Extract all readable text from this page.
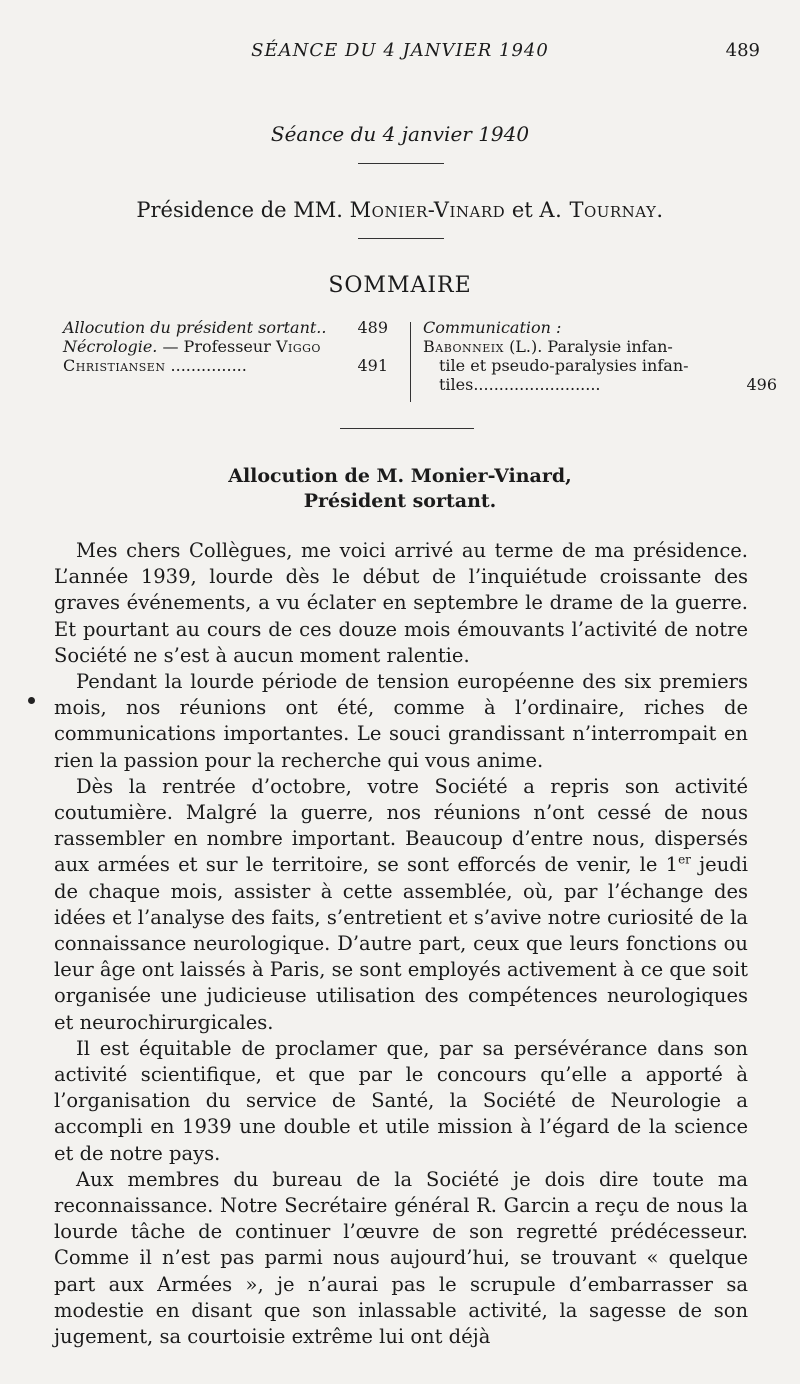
SÉANCE DU 4 JANVIER 1940	489
Séance du 4 janvier 1940
Présidence de MM. Monier-Vinard et A. Tournay.
SOMMAIRE
Allocution du président sortant.. 489
Nécrologie. — Professeur Viggo
Christiansen ...............	491
Communication :
Babonneix (L.). Paralysie infan-
tile et pseudo-paralysies infan-
tiles.........................	496
Allocution de M. Monier-Vinard,
Président sortant.

Mes chers Collègues, me voici arrivé au terme de ma présidence. L’année 1939, lourde dès le début de l’inquiétude croissante des graves événements, a vu éclater en septembre le drame de la guerre. Et pourtant au cours de ces douze mois émouvants l’activité de notre Société ne s’est à aucun moment ralentie.

Pendant la lourde période de tension européenne des six premiers mois, nos réunions ont été, comme à l’ordinaire, riches de communications importantes. Le souci grandissant n’interrompait en rien la passion pour la recherche qui vous anime.

Dès la rentrée d’octobre, votre Société a repris son activité coutumière. Malgré la guerre, nos réunions n’ont cessé de nous rassembler en nombre important. Beaucoup d’entre nous, dispersés aux armées et sur le territoire, se sont efforcés de venir, le 1er jeudi de chaque mois, assister à cette assemblée, où, par l’échange des idées et l’analyse des faits, s’entretient et s’avive notre curiosité de la connaissance neurologique. D’autre part, ceux que leurs fonctions ou leur âge ont laissés à Paris, se sont employés activement à ce que soit organisée une judicieuse utilisation des compétences neurologiques et neurochirurgicales.

Il est équitable de proclamer que, par sa persévérance dans son activité scientifique, et que par le concours qu’elle a apporté à l’organisation du service de Santé, la Société de Neurologie a accompli en 1939 une double et utile mission à l’égard de la science et de notre pays.

Aux membres du bureau de la Société je dois dire toute ma reconnaissance. Notre Secrétaire général R. Garcin a reçu de nous la lourde tâche de continuer l’œuvre de son regretté prédécesseur. Comme il n’est pas parmi nous aujourd’hui, se trouvant « quelque part aux Armées », je n’aurai pas le scrupule d’embarrasser sa modestie en disant que son inlassable activité, la sagesse de son jugement, sa courtoisie extrême lui ont déjà
